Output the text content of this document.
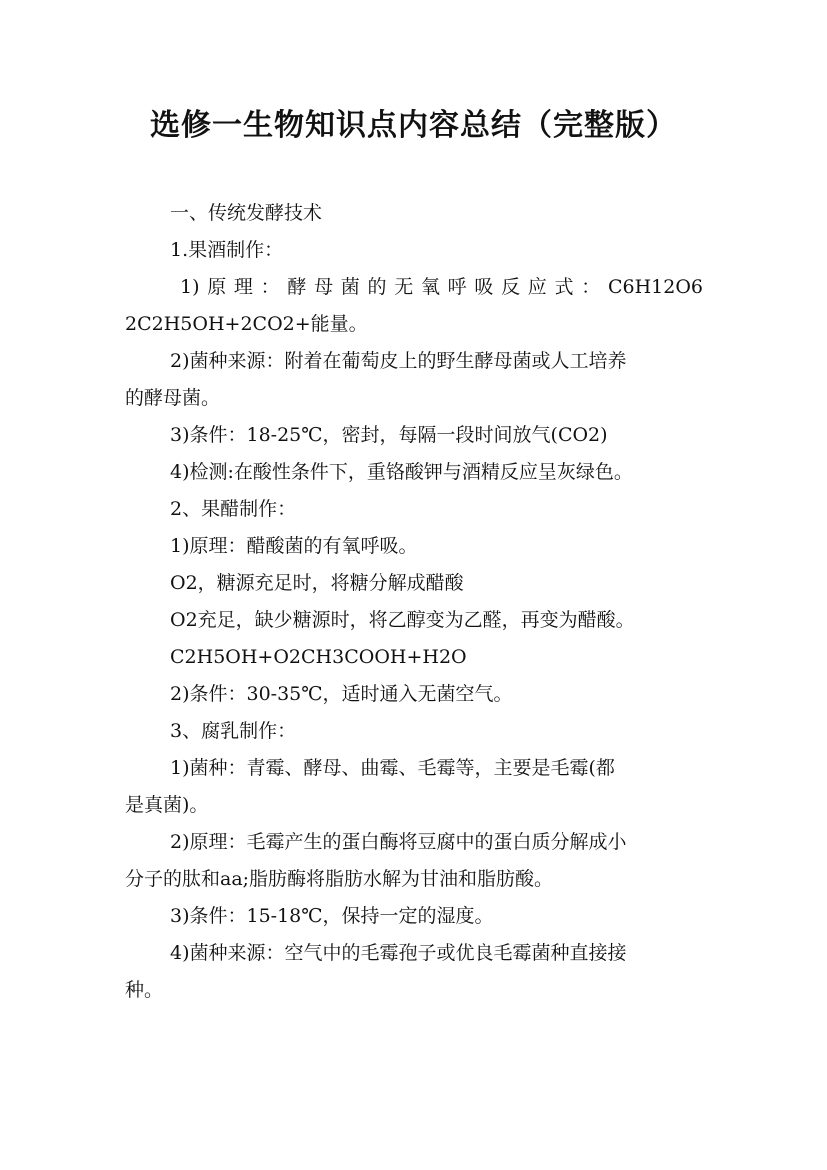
选修一生物知识点内容总结（完整版）
一、传统发酵技术
1.果酒制作：
1)原理：酵母菌的无氧呼吸反应式：C6H12O6
2C2H5OH+2CO2+能量。
2)菌种来源：附着在葡萄皮上的野生酵母菌或人工培养
的酵母菌。
3)条件：18-25℃，密封，每隔一段时间放气(CO2)
4)检测:在酸性条件下，重铬酸钾与酒精反应呈灰绿色。
2、果醋制作：
1)原理：醋酸菌的有氧呼吸。
O2，糖源充足时，将糖分解成醋酸
O2充足，缺少糖源时，将乙醇变为乙醛，再变为醋酸。
C2H5OH+O2CH3COOH+H2O
2)条件：30-35℃，适时通入无菌空气。
3、腐乳制作：
1)菌种：青霉、酵母、曲霉、毛霉等，主要是毛霉(都
是真菌)。
2)原理：毛霉产生的蛋白酶将豆腐中的蛋白质分解成小
分子的肽和aa;脂肪酶将脂肪水解为甘油和脂肪酸。
3)条件：15-18℃，保持一定的湿度。
4)菌种来源：空气中的毛霉孢子或优良毛霉菌种直接接
种。
